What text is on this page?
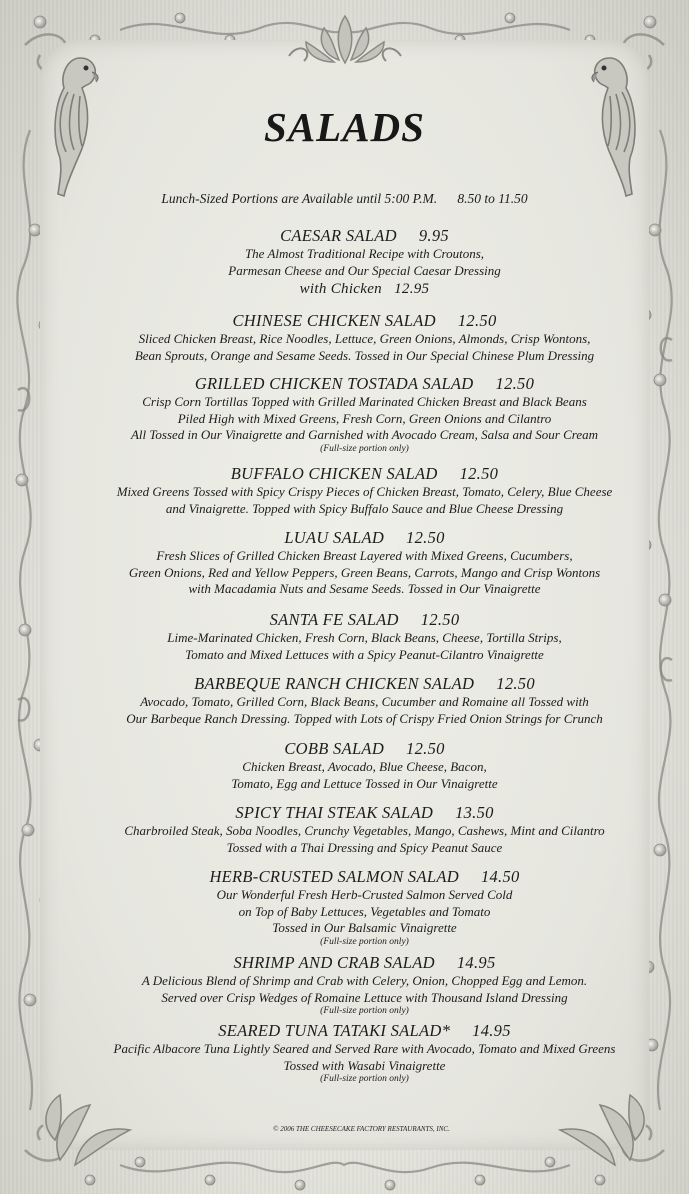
SALADS
Lunch-Sized Portions are Available until 5:00 P.M.      8.50 to 11.50
CAESAR SALAD 9.95
The Almost Traditional Recipe with Croutons,
Parmesan Cheese and Our Special Caesar Dressing
with Chicken   12.95
CHINESE CHICKEN SALAD 12.50
Sliced Chicken Breast, Rice Noodles, Lettuce, Green Onions, Almonds, Crisp Wontons,
Bean Sprouts, Orange and Sesame Seeds. Tossed in Our Special Chinese Plum Dressing
GRILLED CHICKEN TOSTADA SALAD 12.50
Crisp Corn Tortillas Topped with Grilled Marinated Chicken Breast and Black Beans
Piled High with Mixed Greens, Fresh Corn, Green Onions and Cilantro
All Tossed in Our Vinaigrette and Garnished with Avocado Cream, Salsa and Sour Cream
(Full-size portion only)
BUFFALO CHICKEN SALAD 12.50
Mixed Greens Tossed with Spicy Crispy Pieces of Chicken Breast, Tomato, Celery, Blue Cheese
and Vinaigrette. Topped with Spicy Buffalo Sauce and Blue Cheese Dressing
LUAU SALAD 12.50
Fresh Slices of Grilled Chicken Breast Layered with Mixed Greens, Cucumbers,
Green Onions, Red and Yellow Peppers, Green Beans, Carrots, Mango and Crisp Wontons
with Macadamia Nuts and Sesame Seeds. Tossed in Our Vinaigrette
SANTA FE SALAD 12.50
Lime-Marinated Chicken, Fresh Corn, Black Beans, Cheese, Tortilla Strips,
Tomato and Mixed Lettuces with a Spicy Peanut-Cilantro Vinaigrette
BARBEQUE RANCH CHICKEN SALAD 12.50
Avocado, Tomato, Grilled Corn, Black Beans, Cucumber and Romaine all Tossed with
Our Barbeque Ranch Dressing. Topped with Lots of Crispy Fried Onion Strings for Crunch
COBB SALAD 12.50
Chicken Breast, Avocado, Blue Cheese, Bacon,
Tomato, Egg and Lettuce Tossed in Our Vinaigrette
SPICY THAI STEAK SALAD 13.50
Charbroiled Steak, Soba Noodles, Crunchy Vegetables, Mango, Cashews, Mint and Cilantro
Tossed with a Thai Dressing and Spicy Peanut Sauce
HERB-CRUSTED SALMON SALAD 14.50
Our Wonderful Fresh Herb-Crusted Salmon Served Cold
on Top of Baby Lettuces, Vegetables and Tomato
Tossed in Our Balsamic Vinaigrette
(Full-size portion only)
SHRIMP AND CRAB SALAD 14.95
A Delicious Blend of Shrimp and Crab with Celery, Onion, Chopped Egg and Lemon.
Served over Crisp Wedges of Romaine Lettuce with Thousand Island Dressing
(Full-size portion only)
SEARED TUNA TATAKI SALAD* 14.95
Pacific Albacore Tuna Lightly Seared and Served Rare with Avocado, Tomato and Mixed Greens
Tossed with Wasabi Vinaigrette
(Full-size portion only)
© 2006 THE CHEESECAKE FACTORY RESTAURANTS, INC.
